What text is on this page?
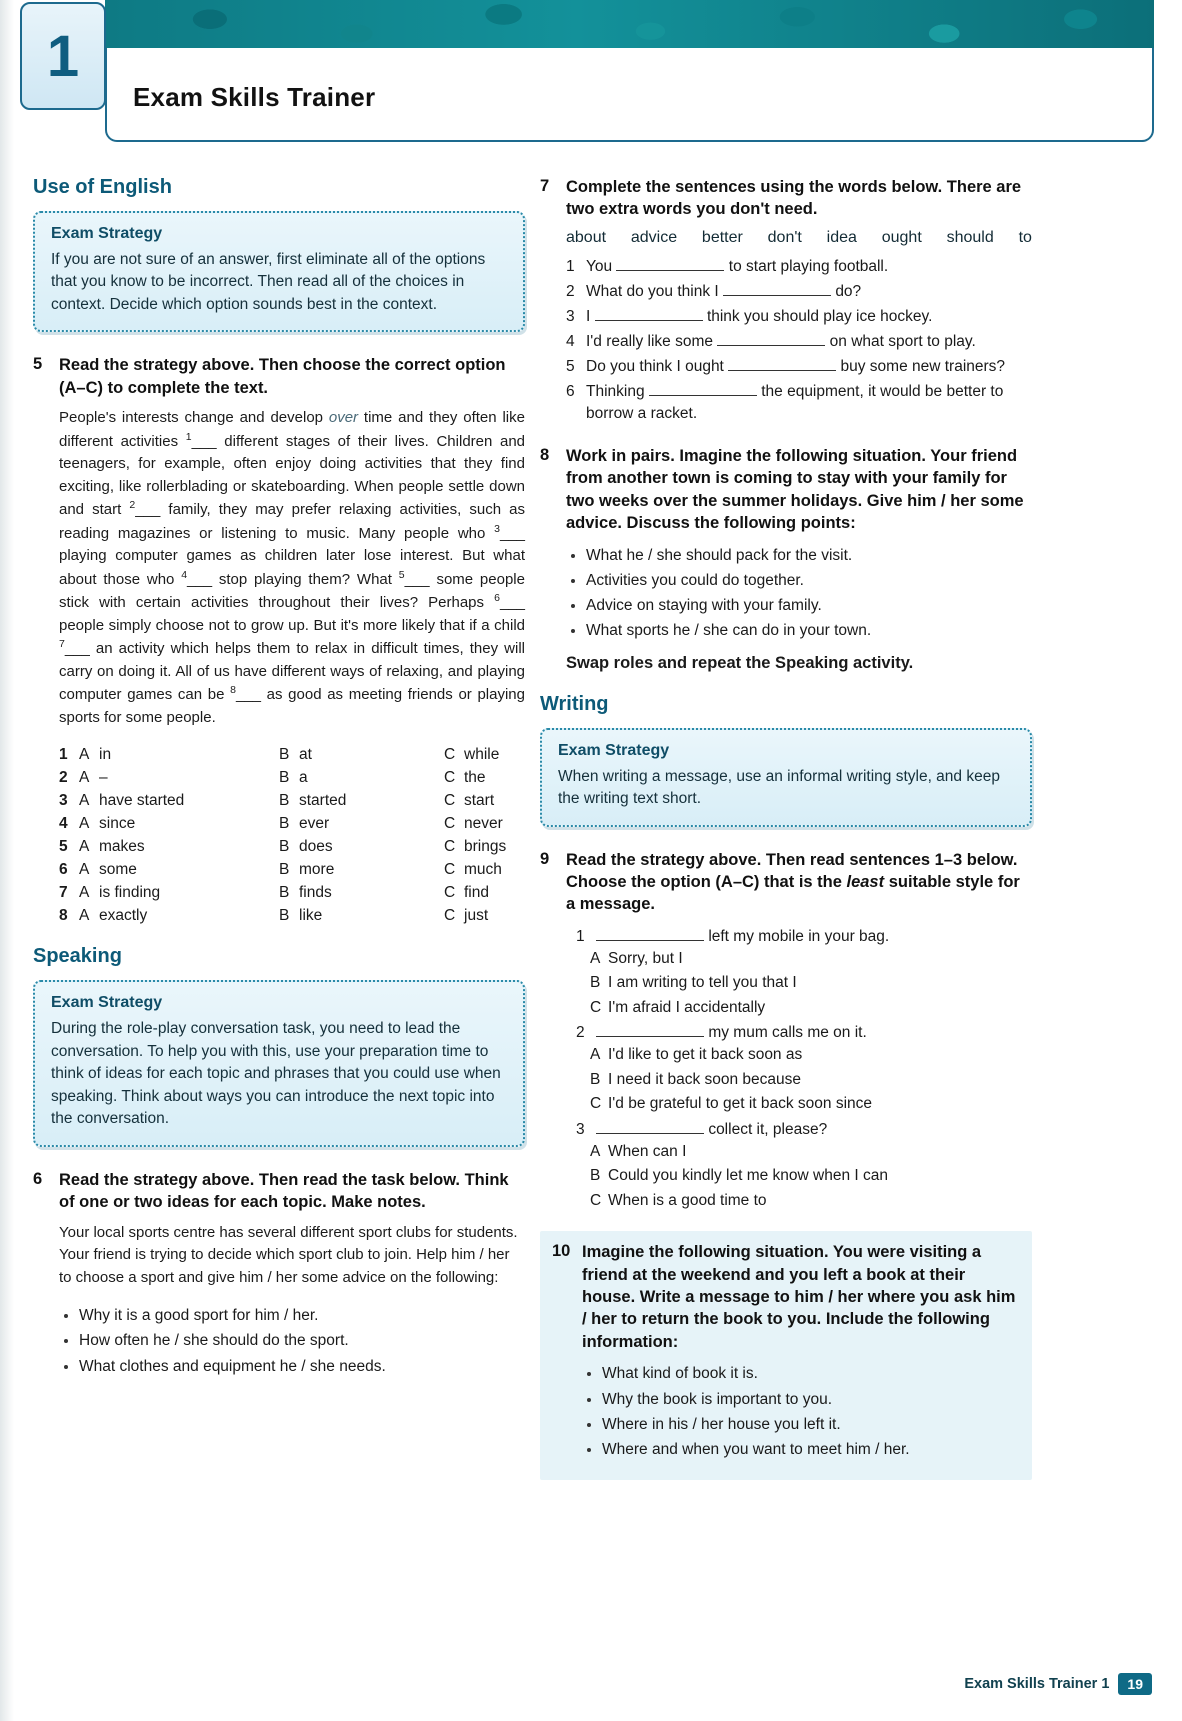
1
Exam Skills Trainer
Use of English
Exam Strategy

If you are not sure of an answer, first eliminate all of the options that you know to be incorrect. Then read all of the choices in context. Decide which option sounds best in the context.

5	Read the strategy above. Then choose the correct option (A–C) to complete the text.

People's interests change and develop over time and they often like different activities $^1$___ different stages of their lives. Children and teenagers, for example, often enjoy doing activities that they find exciting, like rollerblading or skateboarding. When people settle down and start $^2$___ family, they may prefer relaxing activities, such as reading magazines or listening to music. Many people who $^3$___ playing computer games as children later lose interest. But what about those who $^4$___ stop playing them? What $^5$___ some people stick with certain activities throughout their lives? Perhaps $^6$___ people simply choose not to grow up. But it's more likely that if a child $^7$___ an activity which helps them to relax in difficult times, they will carry on doing it. All of us have different ways of relaxing, and playing computer games can be $^8$___ as good as meeting friends or playing sports for some people.

1	A	in	B	at	C	while
2	A	–	B	a	C	the
3	A	have started	B	started	C	start
4	A	since	B	ever	C	never
5	A	makes	B	does	C	brings
6	A	some	B	more	C	much
7	A	is finding	B	finds	C	find
8	A	exactly	B	like	C	just
Speaking
Exam Strategy

During the role-play conversation task, you need to lead the conversation. To help you with this, use your preparation time to think of ideas for each topic and phrases that you could use when speaking. Think about ways you can introduce the next topic into the conversation.

6	Read the strategy above. Then read the task below. Think of one or two ideas for each topic. Make notes.

Your local sports centre has several different sport clubs for students. Your friend is trying to decide which sport club to join. Help him / her to choose a sport and give him / her some advice on the following:

• Why it is a good sport for him / her.
• How often he / she should do the sport.
• What clothes and equipment he / she needs.
7	Complete the sentences using the words below. There are two extra words you don't need.

about advice better don't idea ought should to
1 You	to start playing football.
2 What do you think I	do?
3 I	think you should play ice hockey.
4 I'd really like some	on what sport to play.
5 Do you think I ought	buy some new trainers?
6 Thinking	the equipment, it would be better to borrow a racket.
8	Work in pairs. Imagine the following situation. Your friend from another town is coming to stay with your family for two weeks over the summer holidays. Give him / her some advice. Discuss the following points:

• What he / she should pack for the visit.
• Activities you could do together.
• Advice on staying with your family.
• What sports he / she can do in your town.

Swap roles and repeat the Speaking activity.

Writing
Exam Strategy

When writing a message, use an informal writing style, and keep the writing text short.

9	Read the strategy above. Then read sentences 1–3 below. Choose the option (A–C) that is the least suitable style for a message.

1	left my mobile in your bag.
A Sorry, but I
B I am writing to tell you that I
C I'm afraid I accidentally
2	my mum calls me on it.
A I'd like to get it back soon as
B I need it back soon because
C I'd be grateful to get it back soon since
3	collect it, please?
A When can I
B Could you kindly let me know when I can
C When is a good time to
10 Imagine the following situation. You were visiting a friend at the weekend and you left a book at their house. Write a message to him / her where you ask him / her to return the book to you. Include the following information:

• What kind of book it is.
• Why the book is important to you.
• Where in his / her house you left it.
• Where and when you want to meet him / her.
Exam Skills Trainer 1	19
